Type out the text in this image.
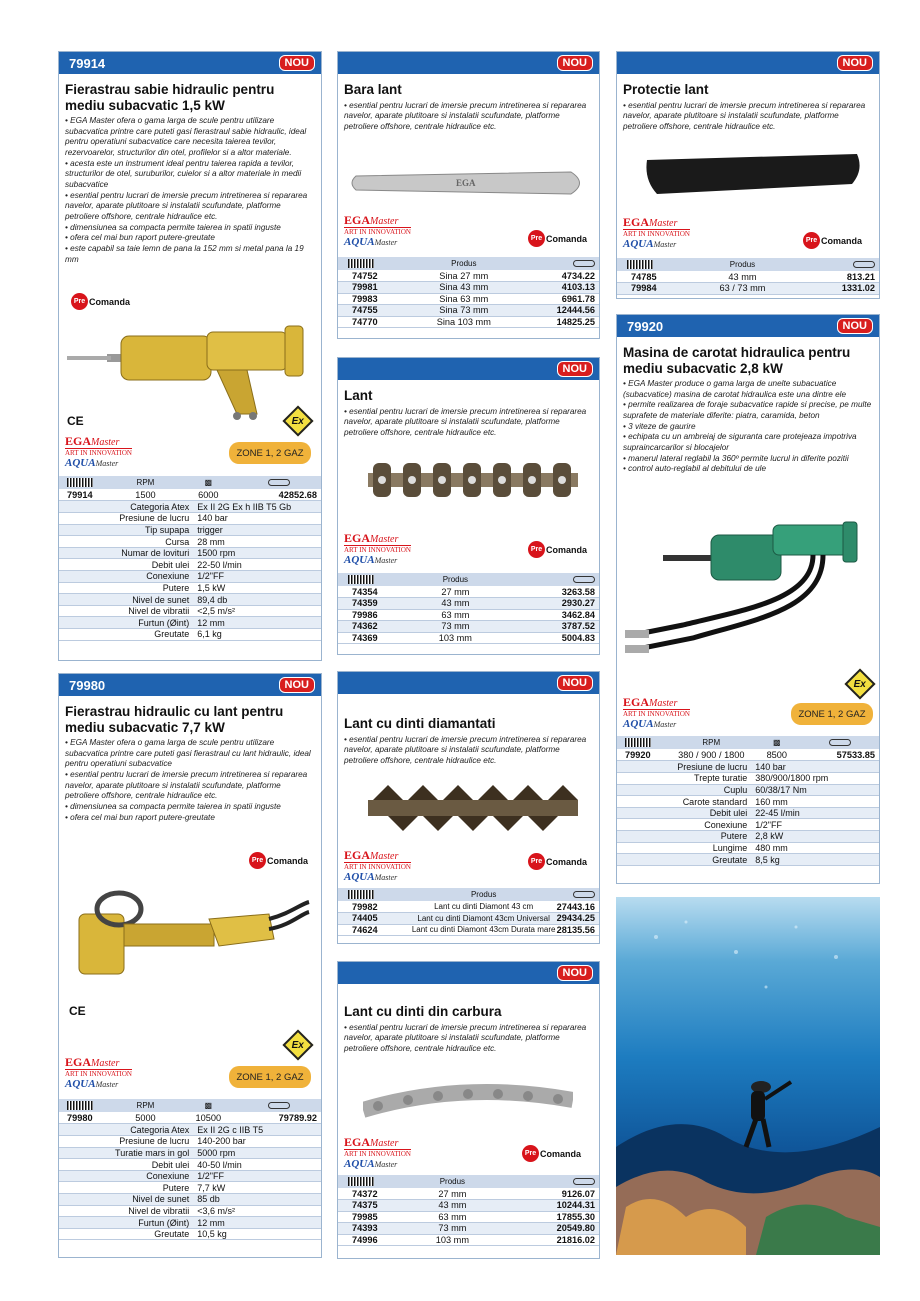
79914	NOU
Fierastrau sabie hidraulic pentru mediu subacvatic 1,5 kW
• EGA Master ofera o gama larga de scule pentru utilizare subacvatica printre care puteti gasi fierastraul sabie hidraulic, ideal pentru operatiuni subacvatice care necesita taierea tevilor, rezervoarelor, structurilor din otel, profilelor si a altor materiale.
• acesta este un instrument ideal pentru taierea rapida a tevilor, structurilor de otel, suruburilor, cuielor si a altor materiale in medii subacvatice
• esential pentru lucrari de imersie precum intretinerea si repararea navelor, aparate plutitoare si instalatii scufundate, platforme petroliere offshore, centrale hidraulice etc.
• dimensiunea sa compacta permite taierea in spatii inguste
• ofera cel mai bun raport putere-greutate
• este capabil sa taie lemn de pana la 152 mm si metal pana la 19 mm
Pre Comanda
CE	Ex
EGAMaster
ART IN INNOVATION
AQUAMaster
ZONE 1, 2 GAZ
	RPM	▩	
79914	1500	6000	42852.68
Categoria Atex	Ex II 2G Ex h IIB T5 Gb
Presiune de lucru	140 bar
Tip supapa	trigger
Cursa	28 mm
Numar de lovituri	1500 rpm
Debit ulei	22-50 l/min
Conexiune	1/2"FF
Putere	1,5 kW
Nivel de sunet	89,4 db
Nivel de vibratii	<2,5 m/s²
Furtun (Øint)	12 mm
Greutate	6,1 kg
79980	NOU
Fierastrau hidraulic cu lant pentru mediu subacvatic 7,7 kW
• EGA Master ofera o gama larga de scule pentru utilizare subacvatica printre care puteti gasi fierastraul cu lant hidraulic, ideal pentru operatiuni subacvatice
• esential pentru lucrari de imersie precum intretinerea si repararea navelor, aparate plutitoare si instalatii scufundate, platforme petroliere offshore, centrale hidraulice etc.
• dimensiunea sa compacta permite taierea in spatii inguste
• ofera cel mai bun raport putere-greutate
Pre Comanda
CE
Ex
EGAMaster
ART IN INNOVATION
AQUAMaster
ZONE 1, 2 GAZ
	RPM	▩	
79980	5000	10500	79789.92
Categoria Atex	Ex II 2G c IIB T5
Presiune de lucru	140-200 bar
Turatie mars in gol	5000 rpm
Debit ulei	40-50 l/min
Conexiune	1/2"FF
Putere	7,7 kW
Nivel de sunet	85 db
Nivel de vibratii	<3,6 m/s²
Furtun (Øint)	12 mm
Greutate	10,5 kg
NOU
Bara lant
• esential pentru lucrari de imersie precum intretinerea si repararea navelor, aparate plutitoare si instalatii scufundate, platforme petroliere offshore, centrale hidraulice etc.
EGA
EGAMaster
ART IN INNOVATION
AQUAMaster	Pre Comanda
	Produs	
74752	Sina 27 mm	4734.22
79981	Sina 43 mm	4103.13
79983	Sina 63 mm	6961.78
74755	Sina 73 mm	12444.56
74770	Sina 103 mm	14825.25
NOU
Lant
• esential pentru lucrari de imersie precum intretinerea si repararea navelor, aparate plutitoare si instalatii scufundate, platforme petroliere offshore, centrale hidraulice etc.
EGAMaster
ART IN INNOVATION
AQUAMaster
Pre Comanda
	Produs	
74354	27 mm	3263.58
74359	43 mm	2930.27
79986	63 mm	3462.84
74362	73 mm	3787.52
74369	103 mm	5004.83
NOU
Lant cu dinti diamantati
• esential pentru lucrari de imersie precum intretinerea si repararea navelor, aparate plutitoare si instalatii scufundate, platforme petroliere offshore, centrale hidraulice etc.
EGAMaster
ART IN INNOVATION
AQUAMaster
Pre Comanda
	Produs	
79982	Lant cu dinti Diamont 43 cm	27443.16
74405	Lant cu dinti Diamont 43cm Universal	29434.25
74624	Lant cu dinti Diamont 43cm Durata mare	28135.56
NOU
Lant cu dinti din carbura
• esential pentru lucrari de imersie precum intretinerea si repararea navelor, aparate plutitoare si instalatii scufundate, platforme petroliere offshore, centrale hidraulice etc.
EGAMaster
ART IN INNOVATION
AQUAMaster
Pre Comanda
	Produs	
74372	27 mm	9126.07
74375	43 mm	10244.31
79985	63 mm	17855.30
74393	73 mm	20549.80
74996	103 mm	21816.02
NOU
Protectie lant
• esential pentru lucrari de imersie precum intretinerea si repararea navelor, aparate plutitoare si instalatii scufundate, platforme petroliere offshore, centrale hidraulice etc.
EGAMaster
ART IN INNOVATION
AQUAMaster	Pre Comanda
	Produs	
74785	43 mm	813.21
79984	63 / 73 mm	1331.02
79920	NOU
Masina de carotat hidraulica pentru mediu subacvatic 2,8 kW
• EGA Master produce o gama larga de unelte subacuatice (subacvatice) masina de carotat hidraulica este una dintre ele
• permite realizarea de foraje subacvatice rapide si precise, pe multe suprafete de materiale diferite: piatra, caramida, beton
• 3 viteze de gaurire
• echipata cu un ambreiaj de siguranta care protejeaza impotriva supraincarcarilor si blocajelor
• manerul lateral reglabil la 360º permite lucrul in diferite pozitii
• control auto-reglabil al debitului de ule
Ex
EGAMaster
ART IN INNOVATION
AQUAMaster
ZONE 1, 2 GAZ
	RPM	▩	
79920	380 / 900 / 1800	8500	57533.85
Presiune de lucru	140 bar
Trepte turatie	380/900/1800 rpm
Cuplu	60/38/17 Nm
Carote standard	160 mm
Debit ulei	22-45 l/min
Conexiune	1/2"FF
Putere	2,8 kW
Lungime	480 mm
Greutate	8,5 kg
